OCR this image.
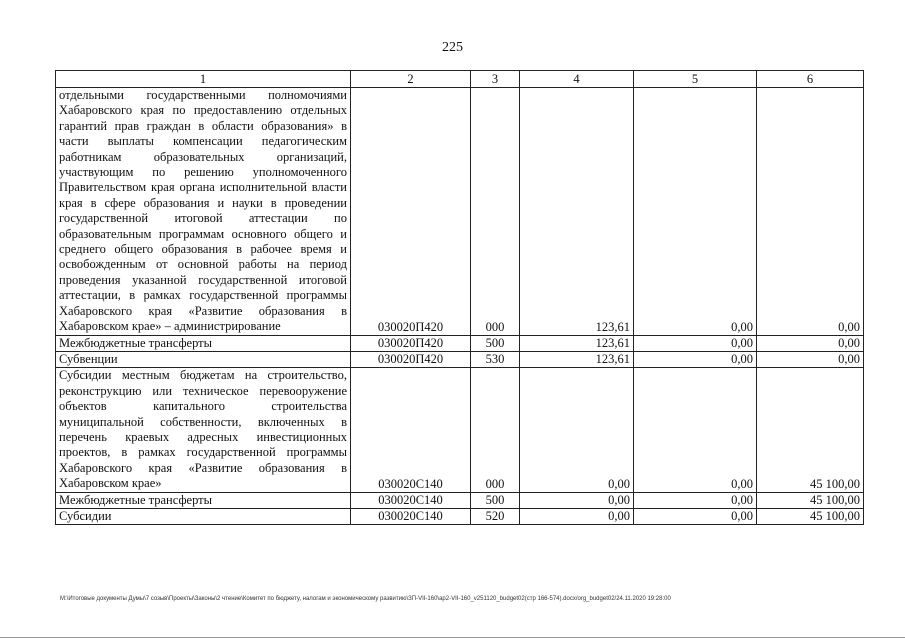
225
1	2	3	4	5	6
отдельными государственными полномочиями Хабаровского края по предоставлению отдельных гарантий прав граждан в области образования» в части выплаты компенсации педагогическим работникам образовательных организаций, участвующим по решению уполномоченного Правительством края органа исполнительной власти края в сфере образования и науки в проведении государственной итоговой аттестации по образовательным программам основного общего и среднего общего образования в рабочее время и освобожденным от основной работы на период проведения указанной государственной итоговой аттестации, в рамках государственной программы Хабаровского края «Развитие образования в Хабаровском крае» – администрирование	030020П420	000	123,61	0,00	0,00
Межбюджетные трансферты	030020П420	500	123,61	0,00	0,00
Субвенции	030020П420	530	123,61	0,00	0,00
Субсидии местным бюджетам на строительство, реконструкцию или техническое перевооружение объектов капитального строительства муниципальной собственности, включенных в перечень краевых адресных инвестиционных проектов, в рамках государственной программы Хабаровского края «Развитие образования в Хабаровском крае»	030020С140	000	0,00	0,00	45 100,00
Межбюджетные трансферты	030020С140	500	0,00	0,00	45 100,00
Субсидии	030020С140	520	0,00	0,00	45 100,00
M:\Итоговые документы Думы\7 созыв\Проекты\Законы\2 чтение\Комитет по бюджету, налогам и экономическому развитию\ЗП-VII-160\ар2-VII-160_v251120_budget02(стр 166-574).docx/org_budget02/24.11.2020 19:28:00
